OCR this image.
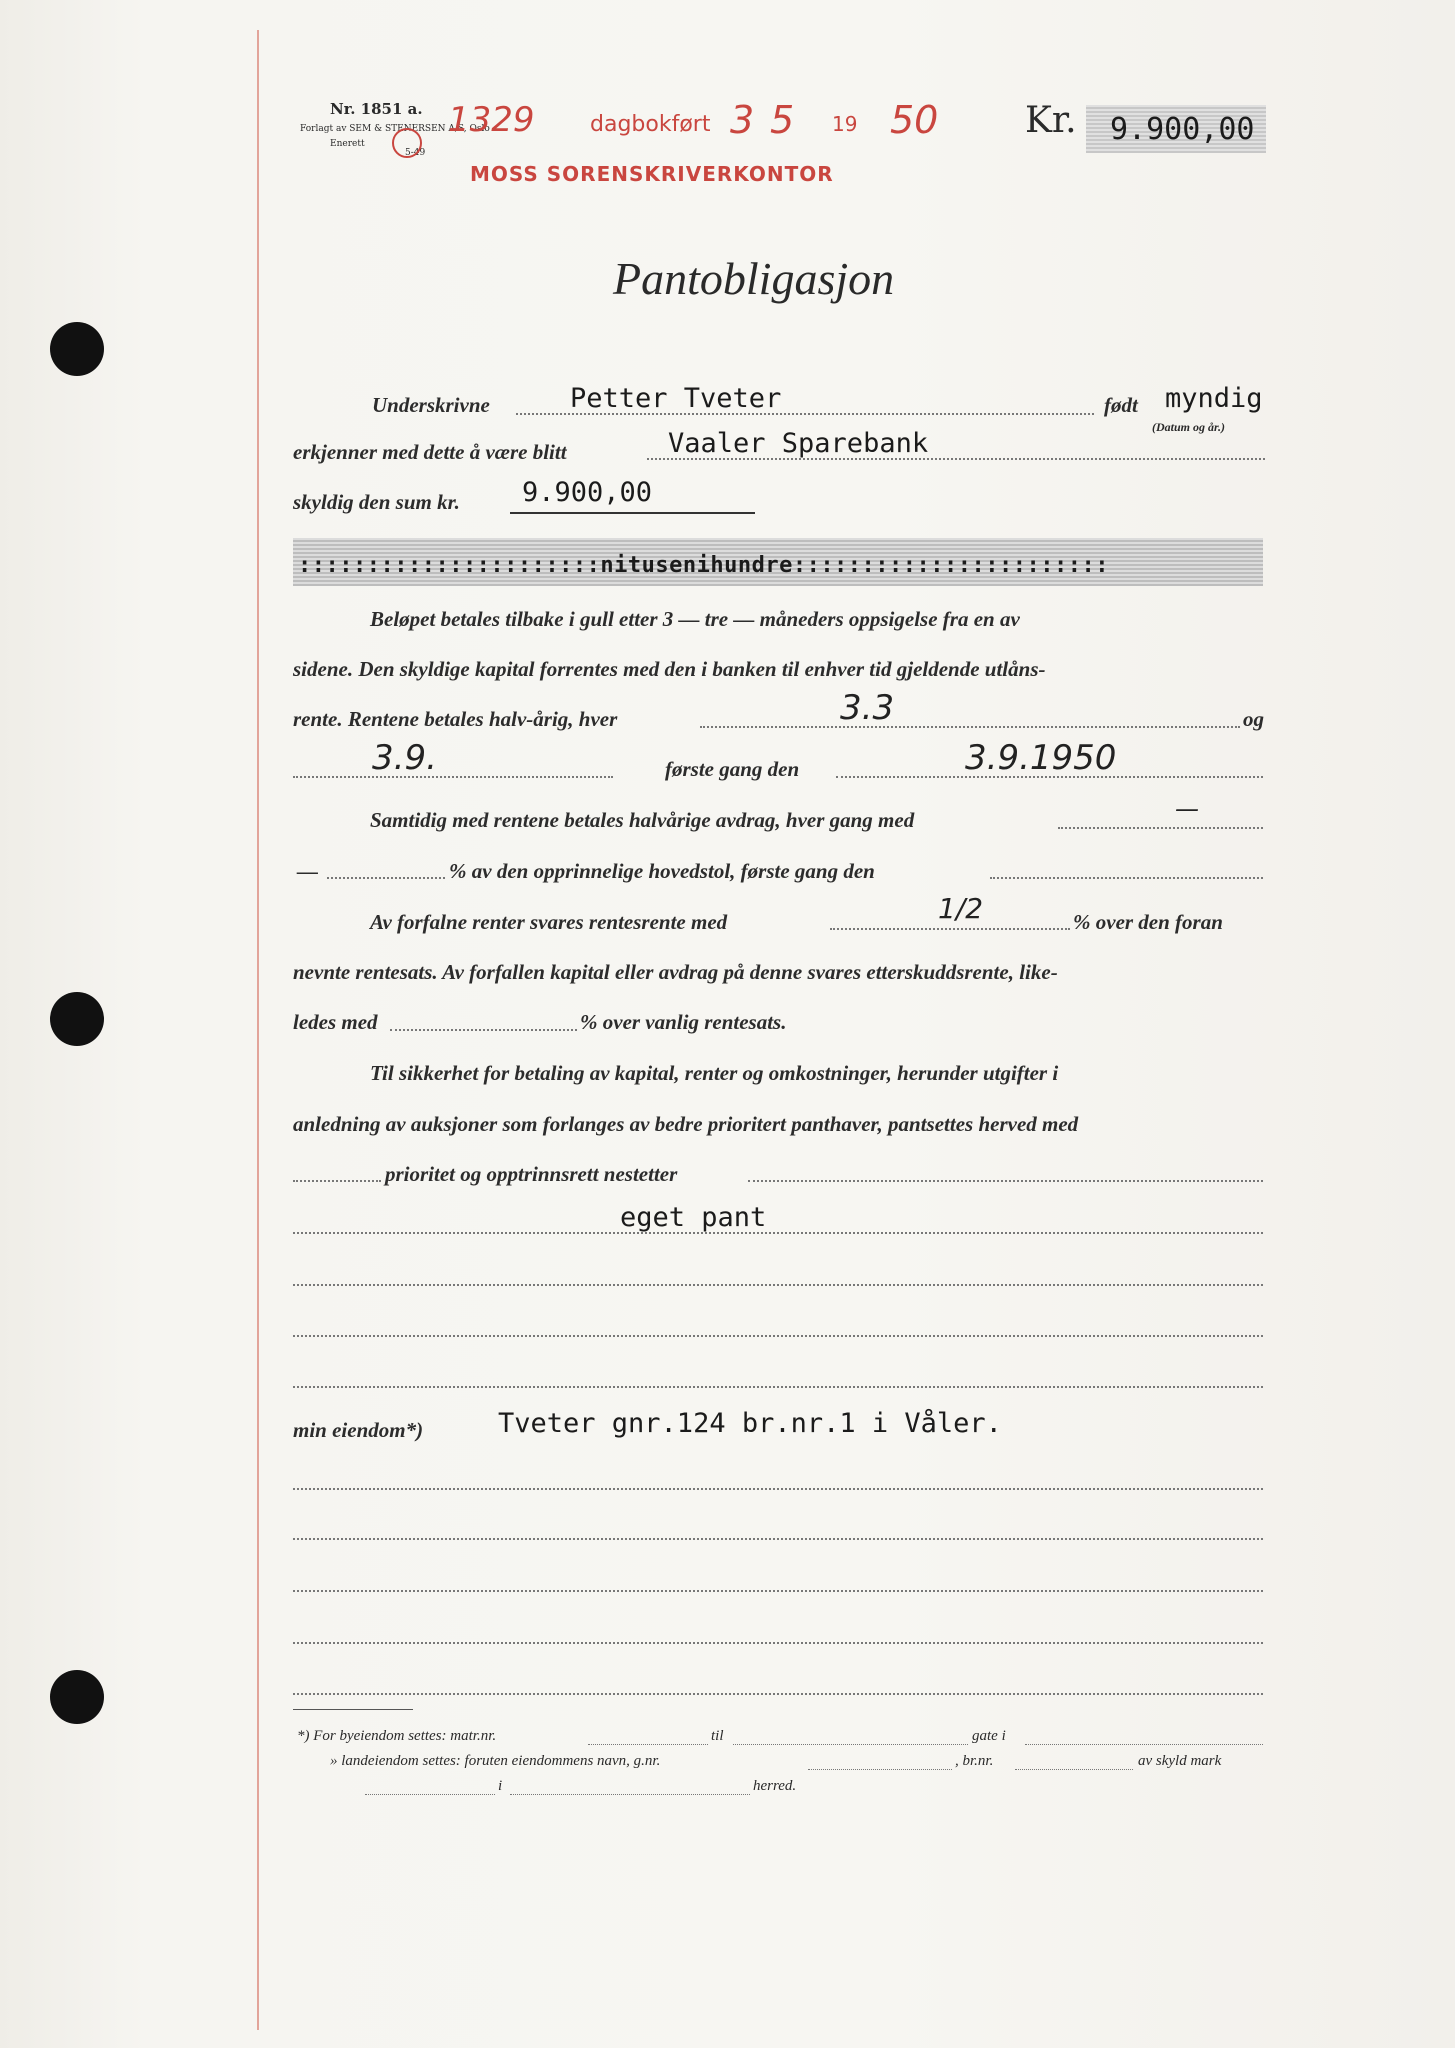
Nr. 1851 a.
Forlagt av SEM & STENERSEN A/S, Oslo
Enerett
5-49
1329	dagbokført 3 5 19 50
MOSS SORENSKRIVERKONTOR
Kr. 9.900,00
Pantobligasjon
Underskrivne	Petter Tveter	født myndig
(Datum og år.)
erkjenner med dette å være blitt	Vaaler Sparebank
skyldig den sum kr. 9.900,00
::::::::::::::::::::::nitusenihundre:::::::::::::::::::::::
Beløpet betales tilbake i gull etter 3 — tre — måneders oppsigelse fra en av
sidene. Den skyldige kapital forrentes med den i banken til enhver tid gjeldende utlåns-
rente. Rentene betales halv-årig, hver	3.3	og
3.9.	første gang den	3.9.1950
Samtidig med rentene betales halvårige avdrag, hver gang med	—
—	% av den opprinnelige hovedstol, første gang den
Av forfalne renter svares rentesrente med	1/2	% over den foran
nevnte rentesats. Av forfallen kapital eller avdrag på denne svares etterskuddsrente, like-
ledes med	% over vanlig rentesats.
Til sikkerhet for betaling av kapital, renter og omkostninger, herunder utgifter i
anledning av auksjoner som forlanges av bedre prioritert panthaver, pantsettes herved med
prioritet og opptrinnsrett nestetter
eget pant
min eiendom*)	Tveter gnr.124 br.nr.1 i Våler.
*) For byeiendom settes: matr.nr.	til	gate i
» landeiendom settes: foruten eiendommens navn, g.nr.	, br.nr.	av skyld mark
i	herred.
